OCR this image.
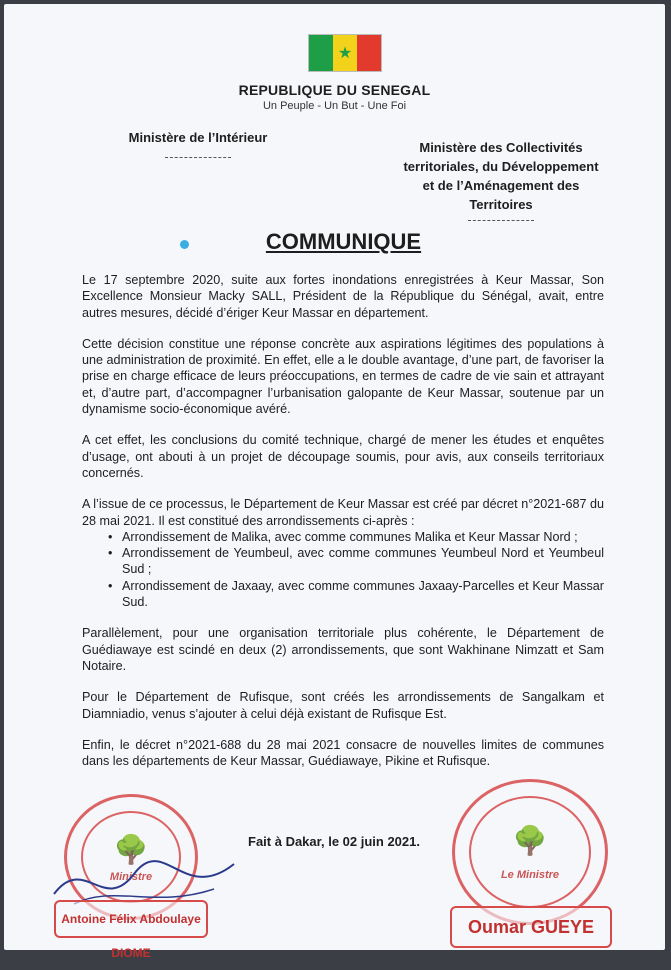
★
REPUBLIQUE DU SENEGAL
Un Peuple - Un But - Une Foi
Ministère de l’Intérieur
Ministère des Collectivités
territoriales, du Développement
et de l’Aménagement des
Territoires
COMMUNIQUE

Le 17 septembre 2020, suite aux fortes inondations enregistrées à Keur Massar, Son Excellence Monsieur Macky SALL, Président de la République du Sénégal, avait, entre autres mesures, décidé d’ériger Keur Massar en département.

Cette décision constitue une réponse concrète aux aspirations légitimes des populations à une administration de proximité. En effet, elle a le double avantage, d’une part, de favoriser la prise en charge efficace de leurs préoccupations, en termes de cadre de vie sain et attrayant et, d’autre part, d’accompagner l’urbanisation galopante de Keur Massar, soutenue par un dynamisme socio-économique avéré.

A cet effet, les conclusions du comité technique, chargé de mener les études et enquêtes d’usage, ont abouti à un projet de découpage soumis, pour avis, aux conseils territoriaux concernés.

A l’issue de ce processus, le Département de Keur Massar est créé par décret n°2021-687 du 28 mai 2021. Il est constitué des arrondissements ci-après :

• Arrondissement de Malika, avec comme communes Malika et Keur Massar Nord ;
• Arrondissement de Yeumbeul, avec comme communes Yeumbeul Nord et Yeumbeul Sud ;
• Arrondissement de Jaxaay, avec comme communes Jaxaay-Parcelles et Keur Massar Sud.

Parallèlement, pour une organisation territoriale plus cohérente, le Département de Guédiawaye est scindé en deux (2) arrondissements, que sont Wakhinane Nimzatt et Sam Notaire.

Pour le Département de Rufisque, sont créés les arrondissements de Sangalkam et Diamniadio, venus s’ajouter à celui déjà existant de Rufisque Est.

Enfin, le décret n°2021-688 du 28 mai 2021 consacre de nouvelles limites de communes dans les départements de Keur Massar, Guédiawaye, Pikine et Rufisque.

Fait à Dakar, le 02 juin 2021.
🌳
Ministre
🌳
Le Ministre
Antoine Félix Abdoulaye DIOME
Oumar GUEYE
